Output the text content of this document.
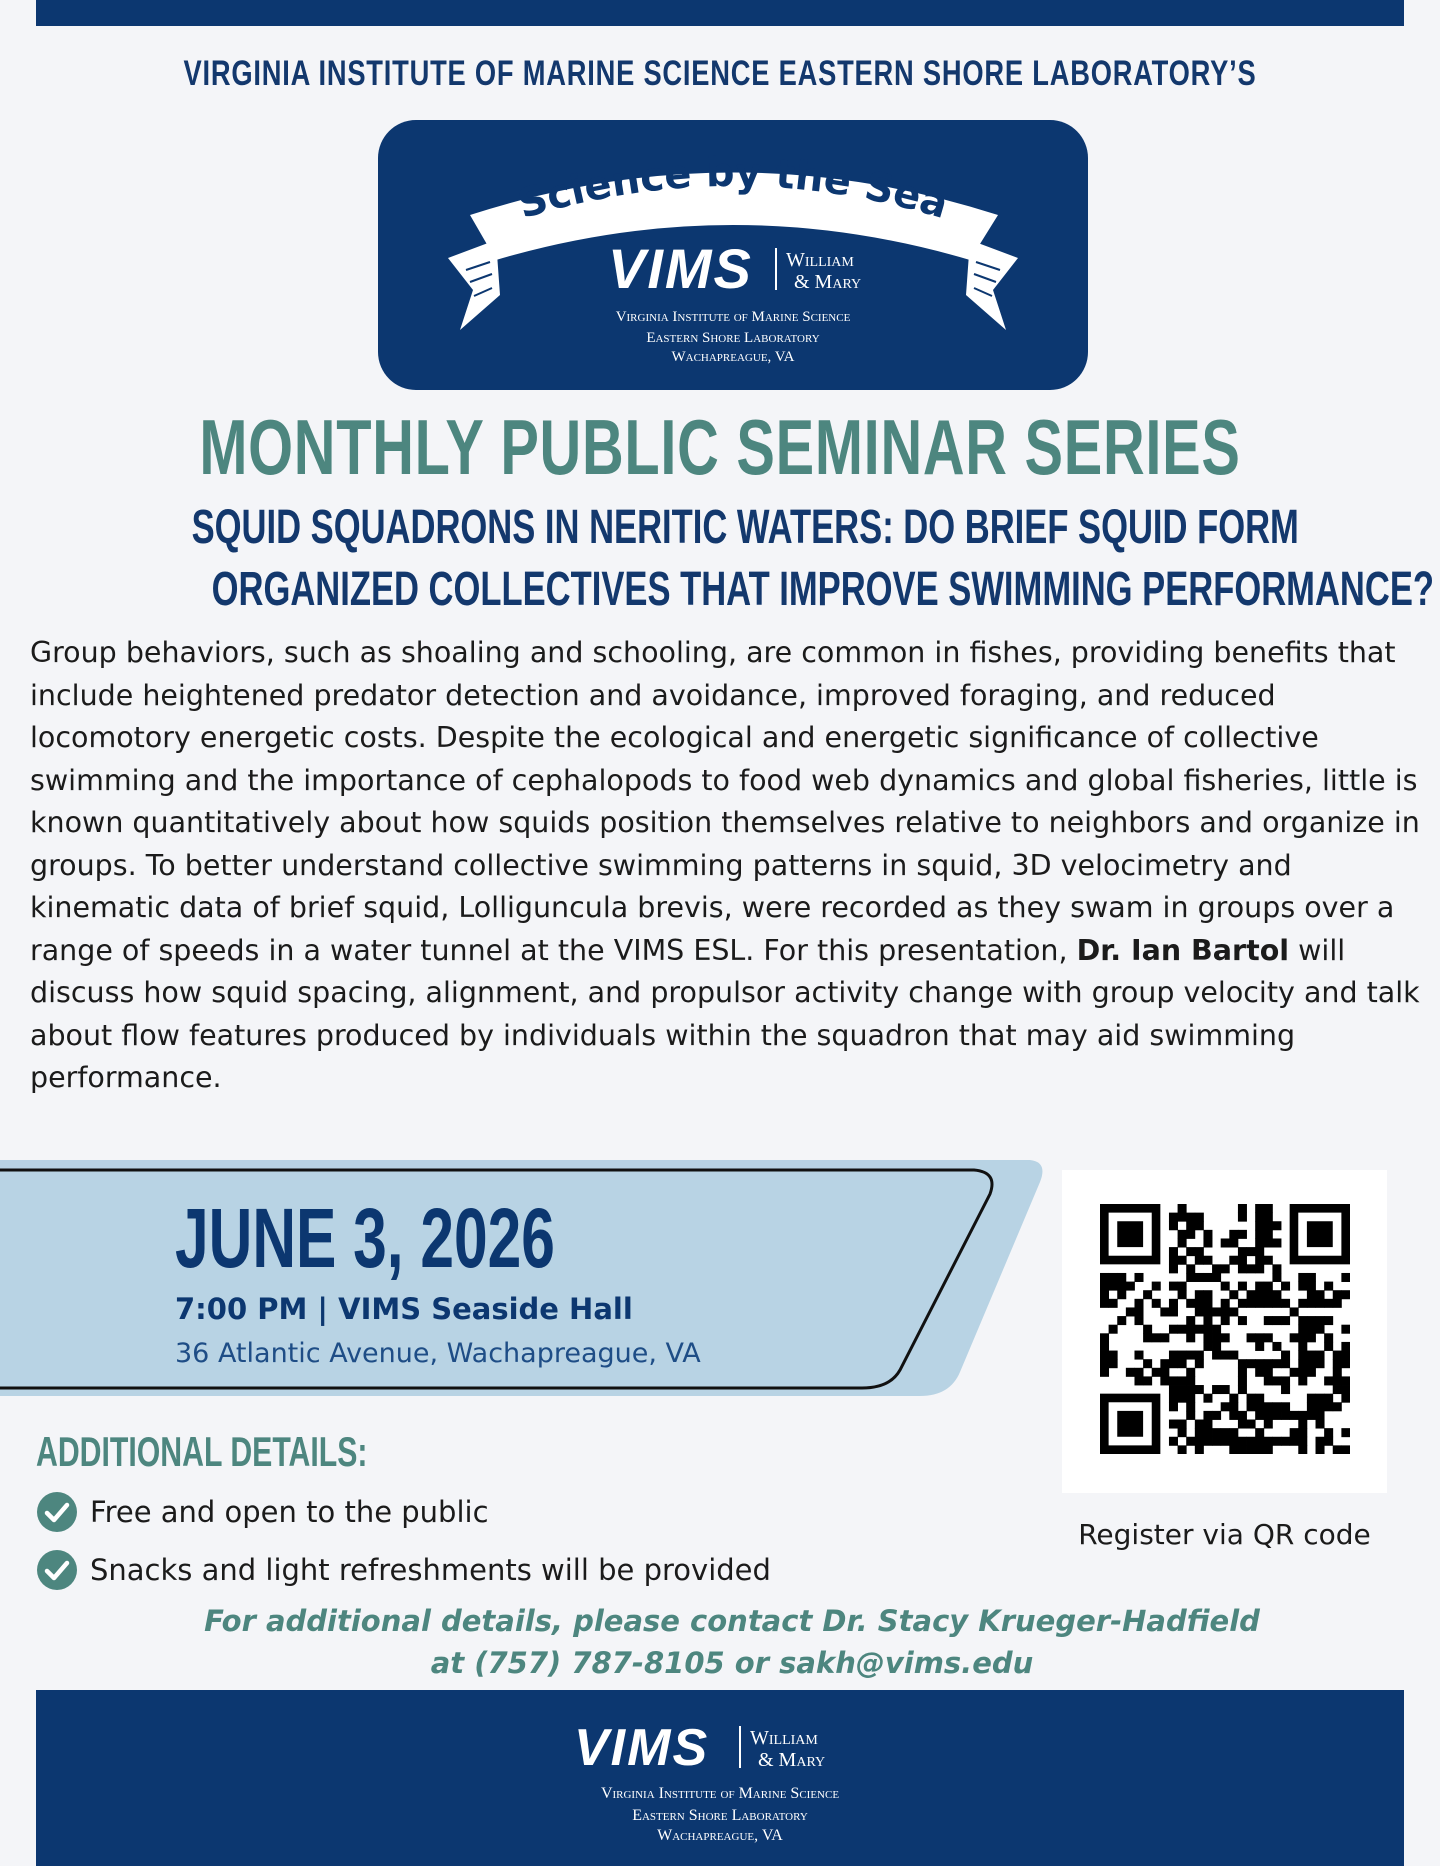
VIRGINIA INSTITUTE OF MARINE SCIENCE EASTERN SHORE LABORATORY’S
Science by the Sea
VIMS William
& Mary
Virginia Institute of Marine Science
Eastern Shore Laboratory
Wachapreague, VA
MONTHLY PUBLIC SEMINAR SERIES
SQUID SQUADRONS IN NERITIC WATERS: DO BRIEF SQUID FORM
ORGANIZED COLLECTIVES THAT IMPROVE SWIMMING PERFORMANCE?
Group behaviors, such as shoaling and schooling, are common in fishes, providing benefits that include heightened predator detection and avoidance, improved foraging, and reduced locomotory energetic costs. Despite the ecological and energetic significance of collective swimming and the importance of cephalopods to food web dynamics and global fisheries, little is known quantitatively about how squids position themselves relative to neighbors and organize in groups. To better understand collective swimming patterns in squid, 3D velocimetry and kinematic data of brief squid, Lolliguncula brevis, were recorded as they swam in groups over a range of speeds in a water tunnel at the VIMS ESL. For this presentation, Dr. Ian Bartol will discuss how squid spacing, alignment, and propulsor activity change with group velocity and talk about flow features produced by individuals within the squadron that may aid swimming performance.
JUNE 3, 2026
7:00 PM | VIMS Seaside Hall
36 Atlantic Avenue, Wachapreague, VA
Register via QR code
ADDITIONAL DETAILS:
Free and open to the public
Snacks and light refreshments will be provided
For additional details, please contact Dr. Stacy Krueger-Hadfield
at (757) 787-8105 or sakh@vims.edu
VIMS William
& Mary
Virginia Institute of Marine Science
Eastern Shore Laboratory
Wachapreague, VA
